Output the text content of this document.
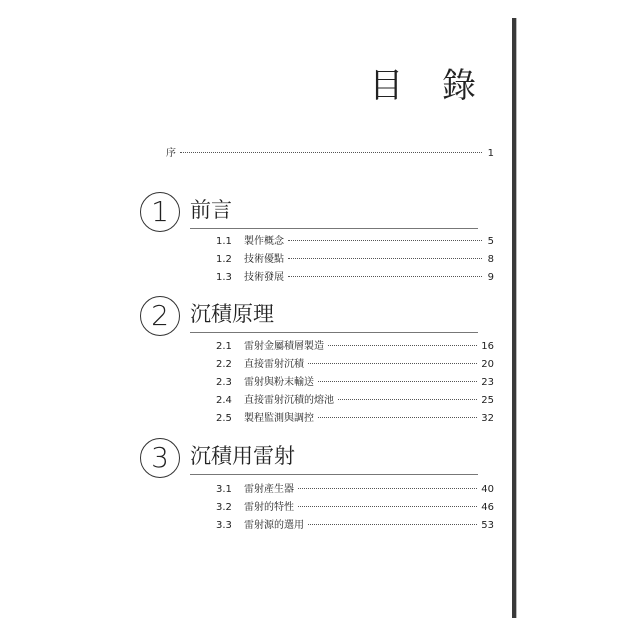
目 錄
序	1
1	前言
1.1	製作概念	5
1.2	技術優點	8
1.3	技術發展	9
2	沉積原理
2.1	雷射金屬積層製造	16
2.2	直接雷射沉積	20
2.3	雷射與粉末輸送	23
2.4	直接雷射沉積的熔池	25
2.5	製程監測與調控	32
3	沉積用雷射
3.1	雷射產生器	40
3.2	雷射的特性	46
3.3	雷射源的選用	53
